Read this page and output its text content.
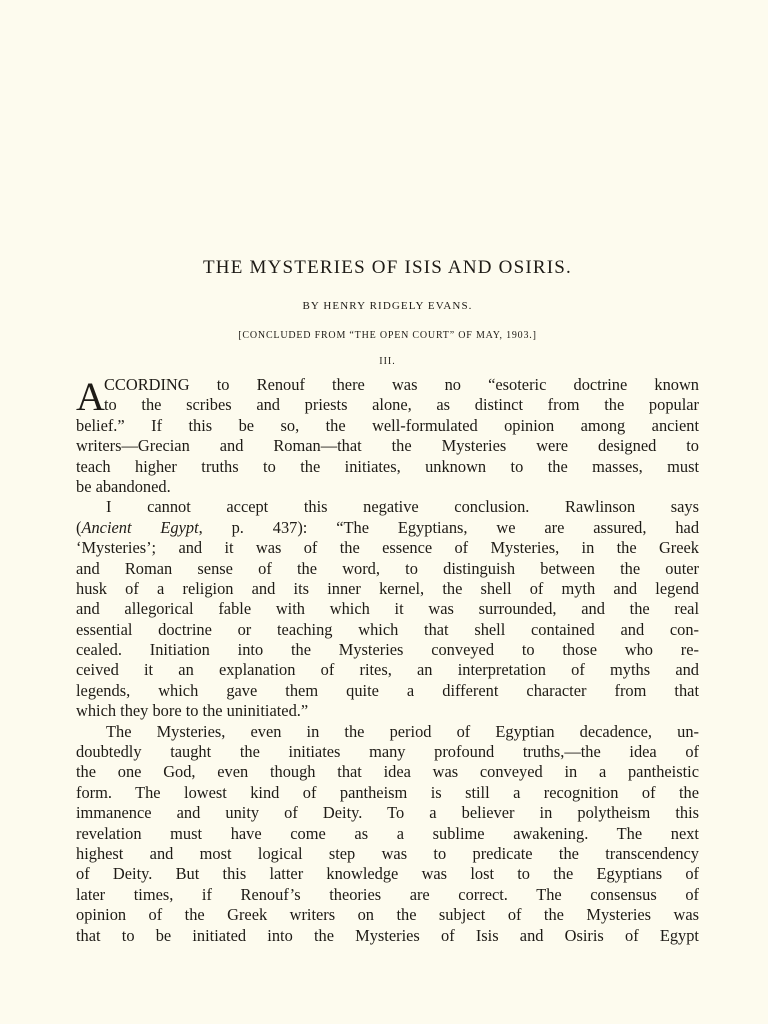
THE MYSTERIES OF ISIS AND OSIRIS.
BY HENRY RIDGELY EVANS.
[CONCLUDED FROM “THE OPEN COURT” OF MAY, 1903.]
III.
A CCORDING to Renouf there was no “esoteric doctrine known
to the scribes and priests alone, as distinct from the popular
belief.” If this be so, the well-formulated opinion among ancient
writers—Grecian and Roman—that the Mysteries were designed to
teach higher truths to the initiates, unknown to the masses, must
be abandoned.
I cannot accept this negative conclusion. Rawlinson says
(Ancient Egypt, p. 437): “The Egyptians, we are assured, had
‘Mysteries’; and it was of the essence of Mysteries, in the Greek
and Roman sense of the word, to distinguish between the outer
husk of a religion and its inner kernel, the shell of myth and legend
and allegorical fable with which it was surrounded, and the real
essential doctrine or teaching which that shell contained and con-
cealed. Initiation into the Mysteries conveyed to those who re-
ceived it an explanation of rites, an interpretation of myths and
legends, which gave them quite a different character from that
which they bore to the uninitiated.”
The Mysteries, even in the period of Egyptian decadence, un-
doubtedly taught the initiates many profound truths,—the idea of
the one God, even though that idea was conveyed in a pantheistic
form. The lowest kind of pantheism is still a recognition of the
immanence and unity of Deity. To a believer in polytheism this
revelation must have come as a sublime awakening. The next
highest and most logical step was to predicate the transcendency
of Deity. But this latter knowledge was lost to the Egyptians of
later times, if Renouf’s theories are correct. The consensus of
opinion of the Greek writers on the subject of the Mysteries was
that to be initiated into the Mysteries of Isis and Osiris of Egypt
